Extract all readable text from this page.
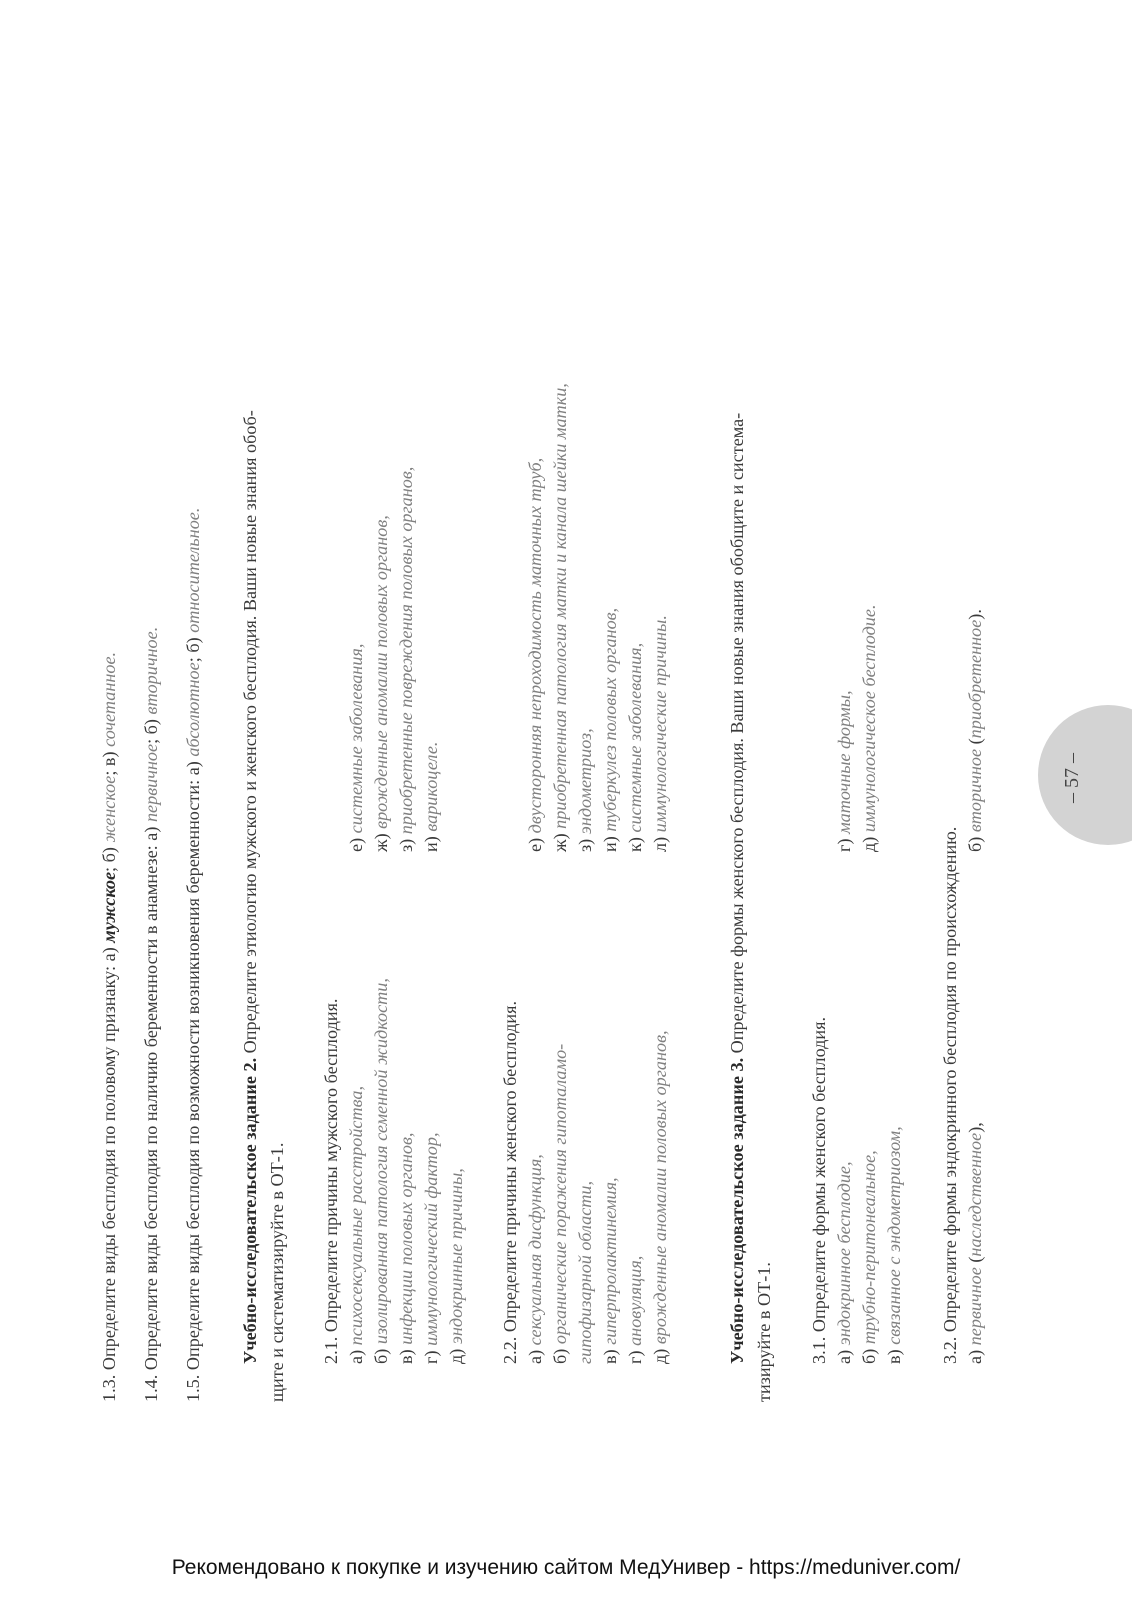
1.3. Определите виды бесплодия по половому признаку: а) мужское; б) женское; в) сочетанное.
1.4. Определите виды бесплодия по наличию беременности в анамнезе: а) первичное; б) вторичное.
1.5. Определите виды бесплодия по возможности возникновения беременности: а) абсолютное; б) относительное.
Учебно-исследовательское задание 2. Определите этиологию мужского и женского бесплодия. Ваши новые знания обоб-
щите и систематизируйте в ОТ-1. 2.1. Определите причины мужского бесплодия. а) психосексуальные расстройства,
б) изолированная патология семенной жидкости,
в) инфекции половых органов,
г) иммунологический фактор,
д) эндокринные причины,
е) системные заболевания,
ж) врожденные аномалии половых органов,
з) приобретенные повреждения половых органов,
и) варикоцеле.
2.2. Определите причины женского бесплодия. а) сексуальная дисфункция,
б) органические поражения гипоталамо- гипофизарной области, в) гиперпролактинемия,
г) ановуляция,
д) врожденные аномалии половых органов,
е) двусторонняя непроходимость маточных труб,
ж) приобретенная патология матки и канала шейки матки,
з) эндометриоз,
и) туберкулез половых органов,
к) системные заболевания,
л) иммунологические причины.
Учебно-исследовательское задание 3. Определите формы женского бесплодия. Ваши новые знания обобщите и система-
тизируйте в ОТ-1. 3.1. Определите формы женского бесплодия. а) эндокринное бесплодие,
б) трубно-перитонеальное,
в) связанное с эндометриозом,
г) маточные формы,
д) иммунологическое бесплодие.
3.2. Определите формы эндокринного бесплодия по происхождению. а) первичное (наследственное),
б) вторичное (приобретенное).
– 57 –
Рекомендовано к покупке и изучению сайтом МедУнивер - https://meduniver.com/
